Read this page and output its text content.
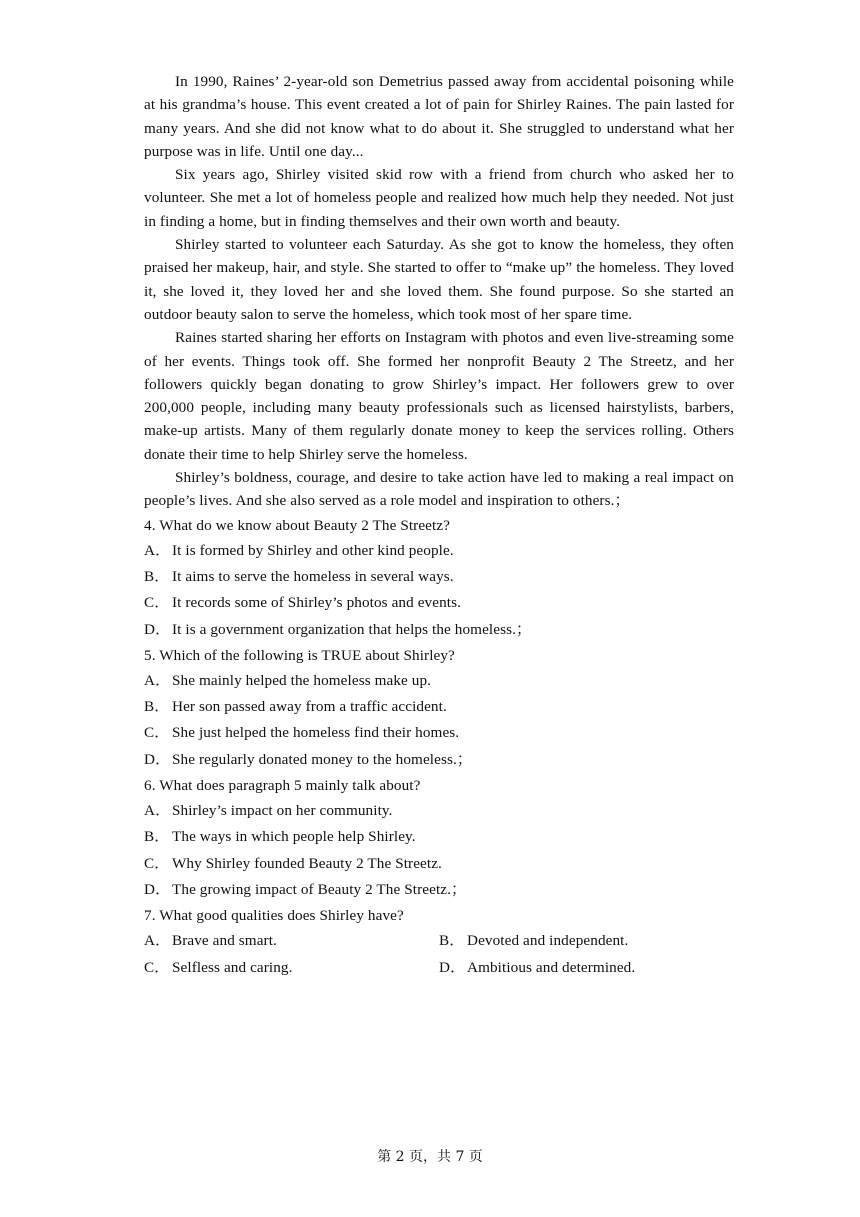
In 1990, Raines’ 2-year-old son Demetrius passed away from accidental poisoning while at his grandma’s house. This event created a lot of pain for Shirley Raines. The pain lasted for many years. And she did not know what to do about it. She struggled to understand what her purpose was in life. Until one day...

Six years ago, Shirley visited skid row with a friend from church who asked her to volunteer. She met a lot of homeless people and realized how much help they needed. Not just in finding a home, but in finding themselves and their own worth and beauty.

Shirley started to volunteer each Saturday. As she got to know the homeless, they often praised her makeup, hair, and style. She started to offer to “make up” the homeless. They loved it, she loved it, they loved her and she loved them. She found purpose. So she started an outdoor beauty salon to serve the homeless, which took most of her spare time.

Raines started sharing her efforts on Instagram with photos and even live-streaming some of her events. Things took off. She formed her nonprofit Beauty 2 The Streetz, and her followers quickly began donating to grow Shirley’s impact. Her followers grew to over 200,000 people, including many beauty professionals such as licensed hairstylists, barbers, make-up artists. Many of them regularly donate money to keep the services rolling. Others donate their time to help Shirley serve the homeless.

Shirley’s boldness, courage, and desire to take action have led to making a real impact on people’s lives. And she also served as a role model and inspiration to others.；

4. What do we know about Beauty 2 The Streetz?

A． It is formed by Shirley and other kind people.

B． It aims to serve the homeless in several ways.

C． It records some of Shirley’s photos and events.

D． It is a government organization that helps the homeless.；

5. Which of the following is TRUE about Shirley?

A． She mainly helped the homeless make up.

B． Her son passed away from a traffic accident.

C． She just helped the homeless find their homes.

D． She regularly donated money to the homeless.；

6. What does paragraph 5 mainly talk about?

A． Shirley’s impact on her community.

B． The ways in which people help Shirley.

C． Why Shirley founded Beauty 2 The Streetz.

D． The growing impact of Beauty 2 The Streetz.；

7. What good qualities does Shirley have?

A． Brave and smart.	B． Devoted and independent.

C． Selfless and caring.	D． Ambitious and determined.

第 2 页，共 7 页
